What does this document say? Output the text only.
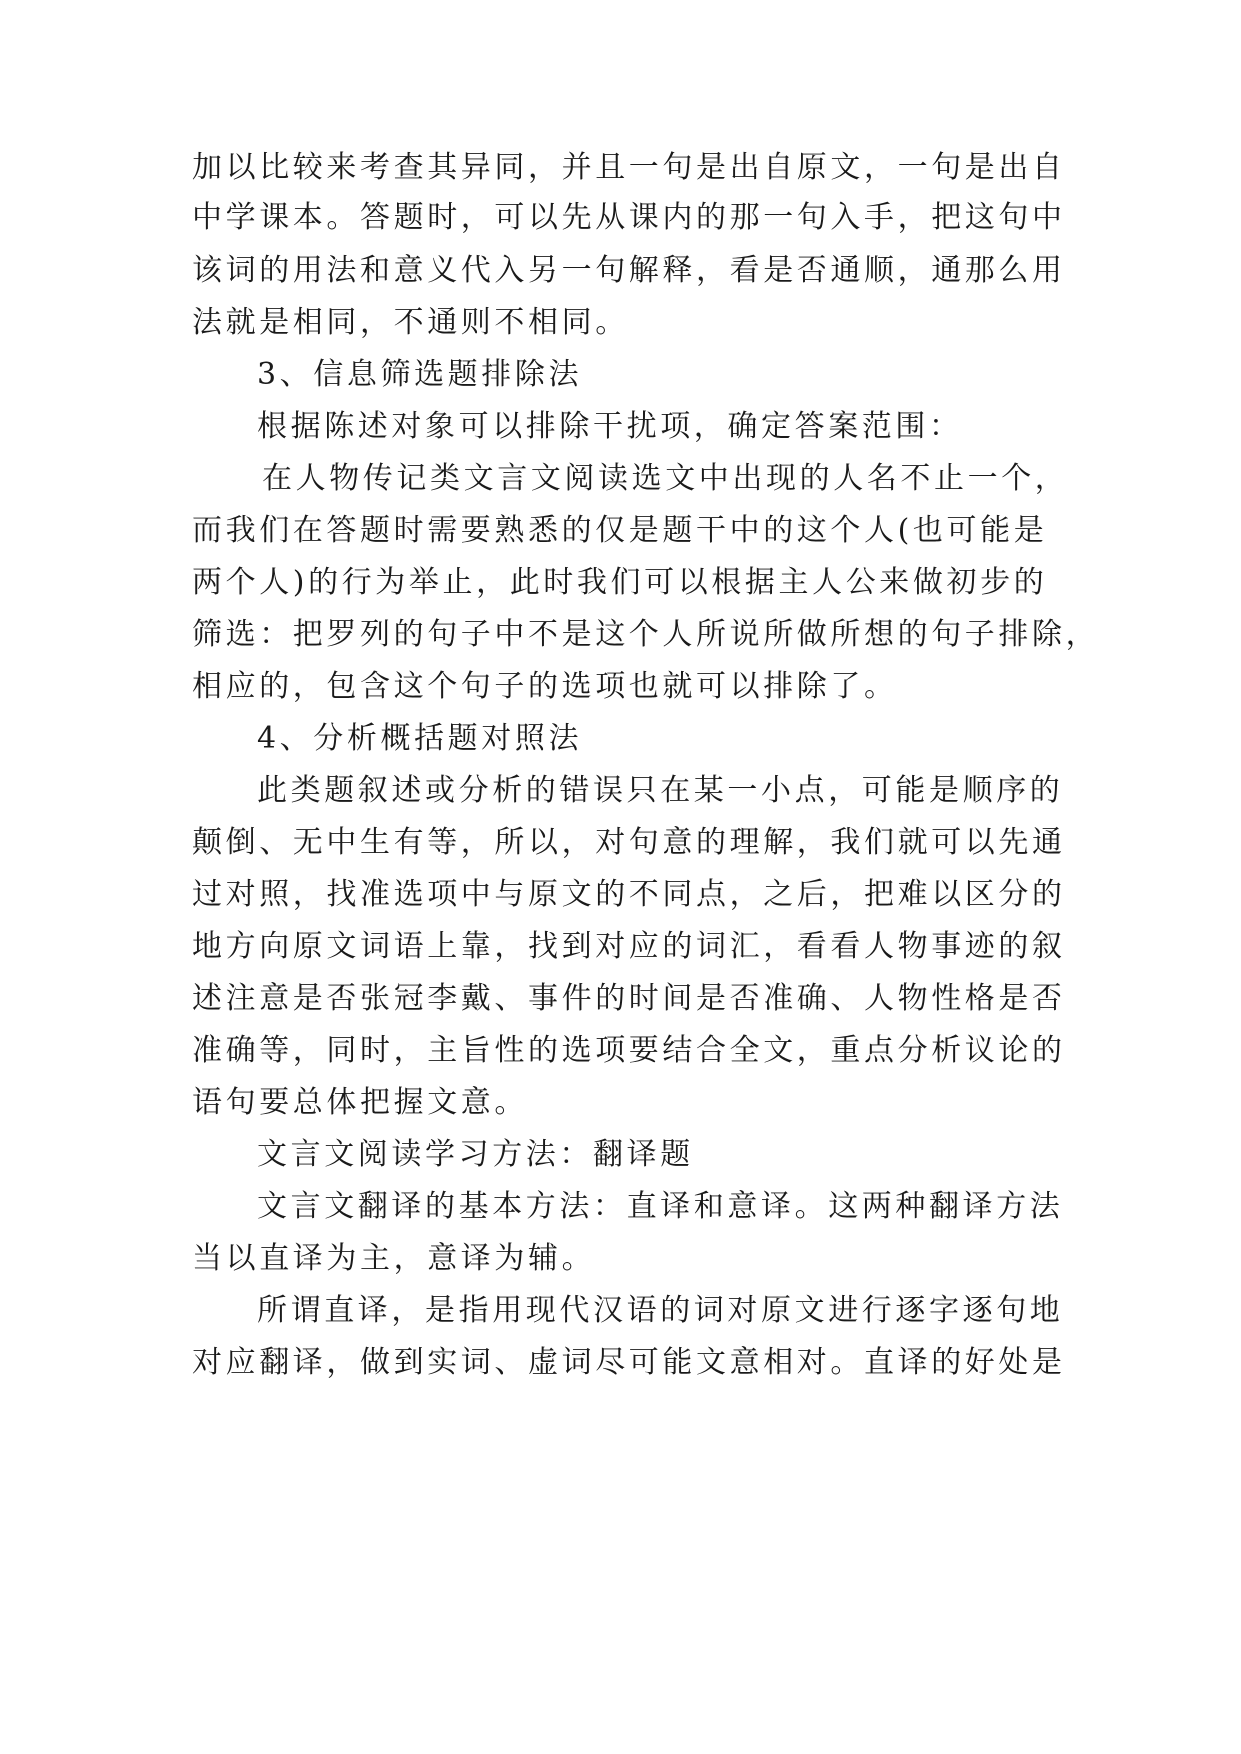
加以比较来考查其异同，并且一句是出自原文，一句是出自
中学课本。答题时，可以先从课内的那一句入手，把这句中
该词的用法和意义代入另一句解释，看是否通顺，通那么用
法就是相同，不通则不相同。
3、信息筛选题排除法
根据陈述对象可以排除干扰项，确定答案范围：
在人物传记类文言文阅读选文中出现的人名不止一个，
而我们在答题时需要熟悉的仅是题干中的这个人(也可能是
两个人)的行为举止，此时我们可以根据主人公来做初步的
筛选：把罗列的句子中不是这个人所说所做所想的句子排除，
相应的，包含这个句子的选项也就可以排除了。
4、分析概括题对照法
此类题叙述或分析的错误只在某一小点，可能是顺序的
颠倒、无中生有等，所以，对句意的理解，我们就可以先通
过对照，找准选项中与原文的不同点，之后，把难以区分的
地方向原文词语上靠，找到对应的词汇，看看人物事迹的叙
述注意是否张冠李戴、事件的时间是否准确、人物性格是否
准确等，同时，主旨性的选项要结合全文，重点分析议论的
语句要总体把握文意。
文言文阅读学习方法：翻译题
文言文翻译的基本方法：直译和意译。这两种翻译方法
当以直译为主，意译为辅。
所谓直译，是指用现代汉语的词对原文进行逐字逐句地
对应翻译，做到实词、虚词尽可能文意相对。直译的好处是
